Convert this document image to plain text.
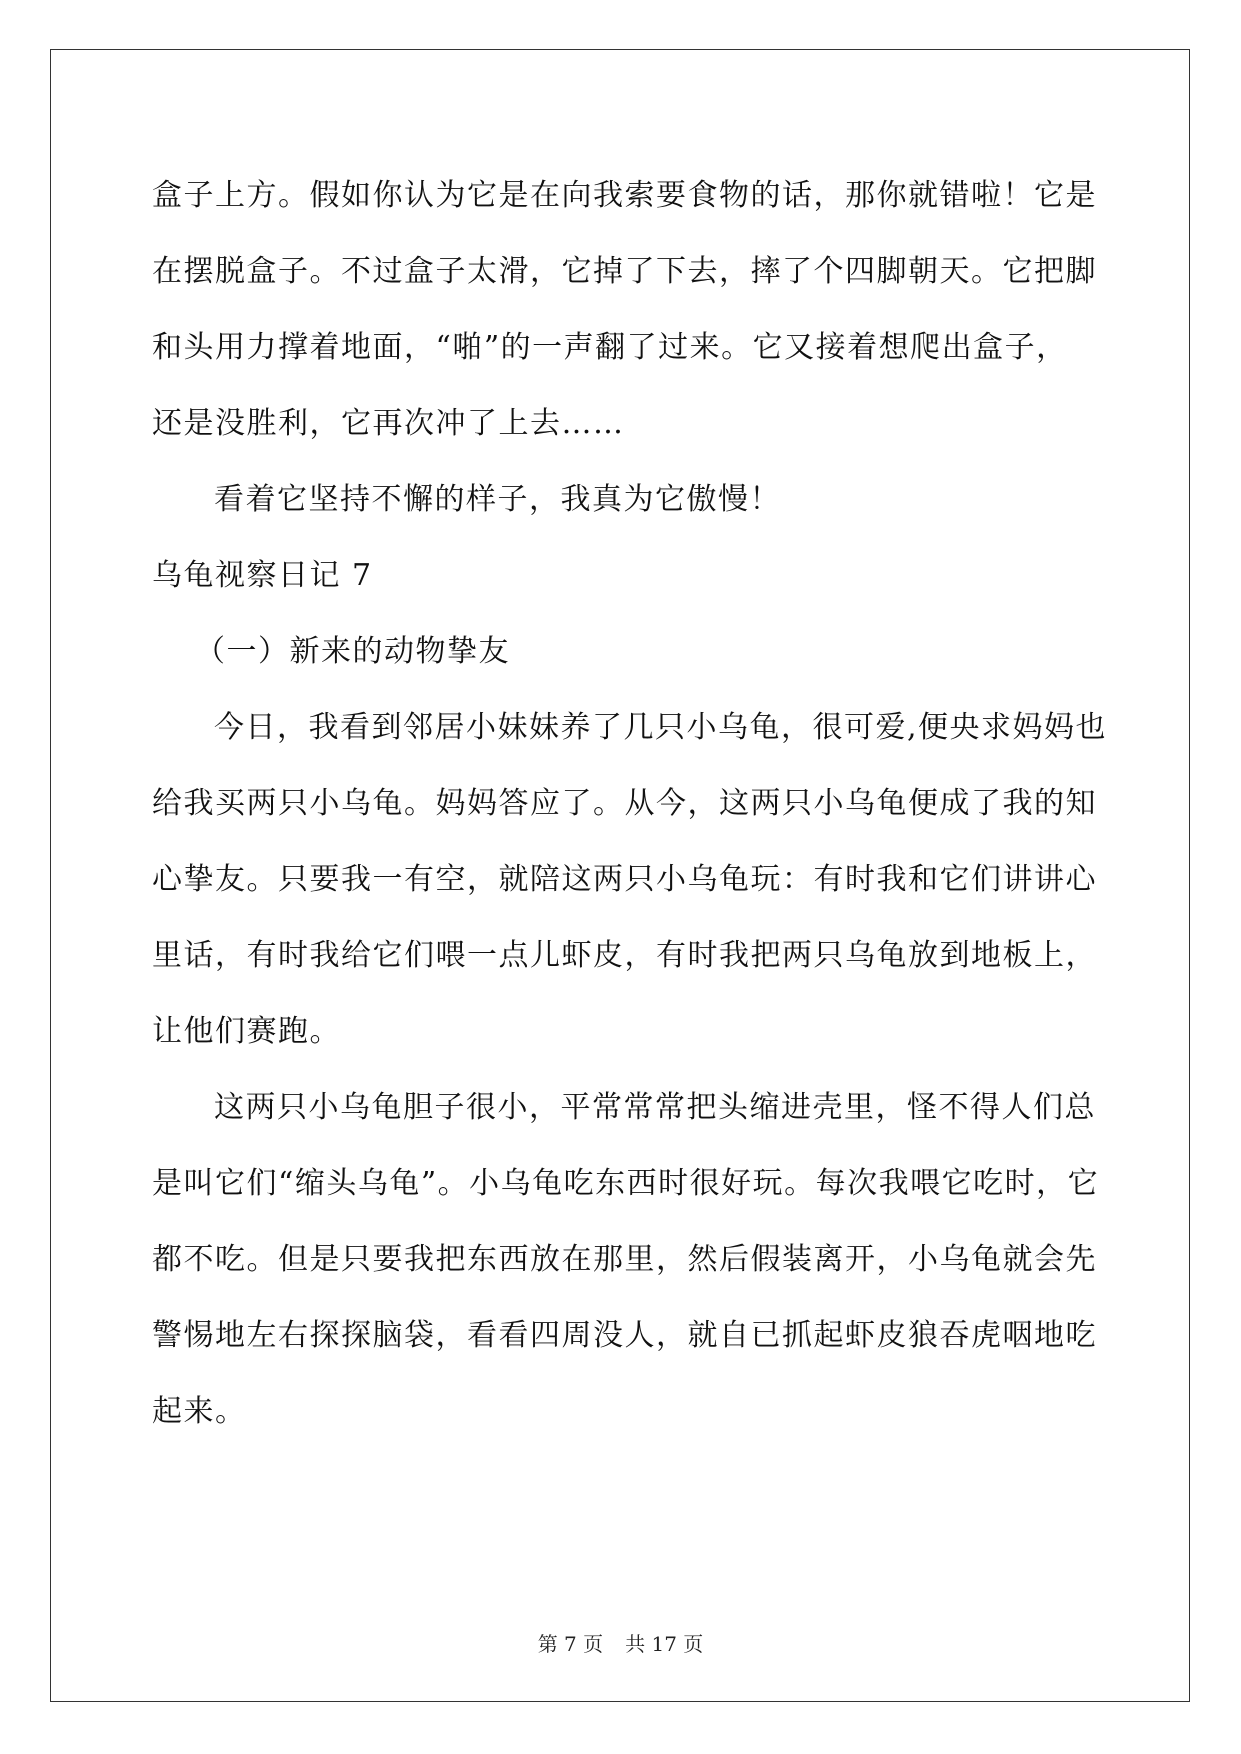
盒子上方。假如你认为它是在向我索要食物的话，那你就错啦！它是
在摆脱盒子。不过盒子太滑，它掉了下去，摔了个四脚朝天。它把脚
和头用力撑着地面，“啪”的一声翻了过来。它又接着想爬出盒子，
还是没胜利，它再次冲了上去……
看着它坚持不懈的样子，我真为它傲慢！
乌龟视察日记 7
（一）新来的动物挚友
今日，我看到邻居小妹妹养了几只小乌龟，很可爱,便央求妈妈也
给我买两只小乌龟。妈妈答应了。从今，这两只小乌龟便成了我的知
心挚友。只要我一有空，就陪这两只小乌龟玩：有时我和它们讲讲心
里话，有时我给它们喂一点儿虾皮，有时我把两只乌龟放到地板上，
让他们赛跑。
这两只小乌龟胆子很小，平常常常把头缩进壳里，怪不得人们总
是叫它们“缩头乌龟”。小乌龟吃东西时很好玩。每次我喂它吃时，它
都不吃。但是只要我把东西放在那里，然后假装离开，小乌龟就会先
警惕地左右探探脑袋，看看四周没人，就自已抓起虾皮狼吞虎咽地吃
起来。
第 7 页 共 17 页
